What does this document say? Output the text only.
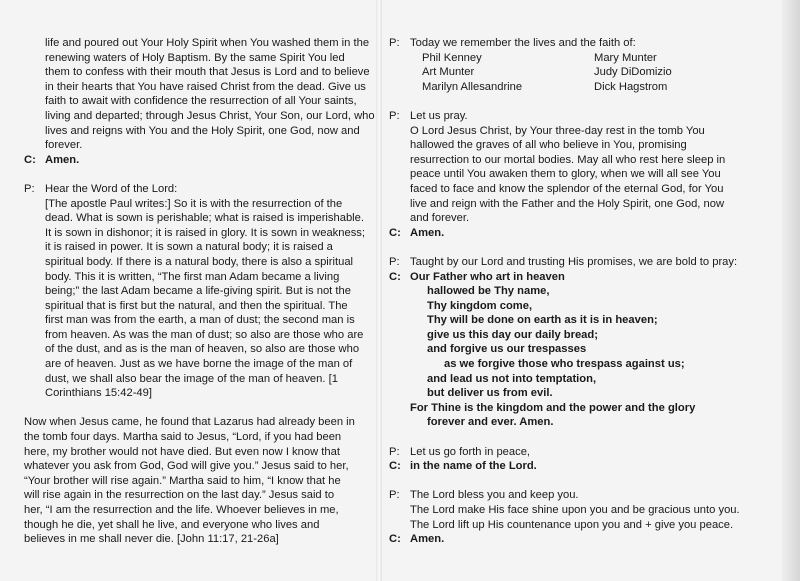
life and poured out Your Holy Spirit when You washed them in the
renewing waters of Holy Baptism. By the same Spirit You led
them to confess with their mouth that Jesus is Lord and to believe
in their hearts that You have raised Christ from the dead. Give us
faith to await with confidence the resurrection of all Your saints,
living and departed; through Jesus Christ, Your Son, our Lord, who
lives and reigns with You and the Holy Spirit, one God, now and
forever.
C: Amen.
P: Hear the Word of the Lord:
[The apostle Paul writes:] So it is with the resurrection of the
dead. What is sown is perishable; what is raised is imperishable.
It is sown in dishonor; it is raised in glory. It is sown in weakness;
it is raised in power. It is sown a natural body; it is raised a
spiritual body. If there is a natural body, there is also a spiritual
body. This it is written, “The first man Adam became a living
being;” the last Adam became a life-giving spirit. But is not the
spiritual that is first but the natural, and then the spiritual. The
first man was from the earth, a man of dust; the second man is
from heaven. As was the man of dust; so also are those who are
of the dust, and as is the man of heaven, so also are those who
are of heaven. Just as we have borne the image of the man of
dust, we shall also bear the image of the man of heaven. [1
Corinthians 15:42-49]
Now when Jesus came, he found that Lazarus had already been in
the tomb four days. Martha said to Jesus, “Lord, if you had been
here, my brother would not have died. But even now I know that
whatever you ask from God, God will give you.” Jesus said to her,
“Your brother will rise again.” Martha said to him, “I know that he
will rise again in the resurrection on the last day.” Jesus said to
her, “I am the resurrection and the life. Whoever believes in me,
though he die, yet shall he live, and everyone who lives and
believes in me shall never die. [John 11:17, 21-26a]
P: Today we remember the lives and the faith of:
Phil Kenney
Art Munter
Marilyn Allesandrine
Mary Munter
Judy DiDomizio
Dick Hagstrom
P: Let us pray.
O Lord Jesus Christ, by Your three-day rest in the tomb You
hallowed the graves of all who believe in You, promising
resurrection to our mortal bodies. May all who rest here sleep in
peace until You awaken them to glory, when we will all see You
faced to face and know the splendor of the eternal God, for You
live and reign with the Father and the Holy Spirit, one God, now
and forever.
C: Amen.
P: Taught by our Lord and trusting His promises, we are bold to pray:
C: Our Father who art in heaven
hallowed be Thy name,
Thy kingdom come,
Thy will be done on earth as it is in heaven;
give us this day our daily bread;
and forgive us our trespasses
as we forgive those who trespass against us;
and lead us not into temptation,
but deliver us from evil.
For Thine is the kingdom and the power and the glory
forever and ever. Amen.
P: Let us go forth in peace,
C: in the name of the Lord.
P: The Lord bless you and keep you.
The Lord make His face shine upon you and be gracious unto you.
The Lord lift up His countenance upon you and + give you peace.
C: Amen.
